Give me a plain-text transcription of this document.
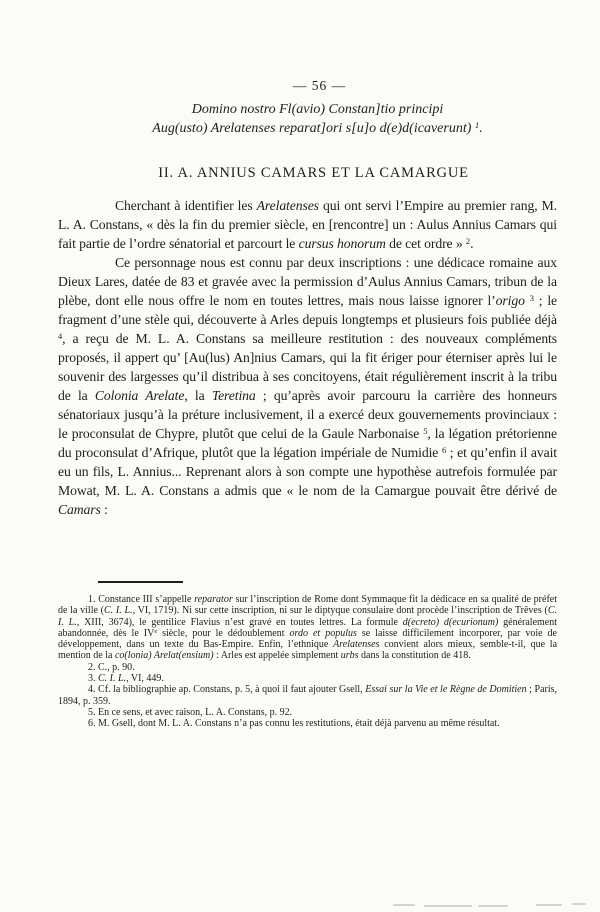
— 56 —
Domino nostro Fl(avio) Constan]tio principi
Aug(usto) Arelatenses reparat]ori s[u]o d(e)d(icaverunt) $^1$.
II. A. ANNIUS CAMARS ET LA CAMARGUE

Cherchant à identifier les Arelatenses qui ont servi l’Empire au premier rang, M. L. A. Constans, « dès la fin du premier siècle, en [rencontre] un : Aulus Annius Camars qui fait partie de l’ordre sénatorial et parcourt le cursus honorum de cet ordre » $^2$.

Ce personnage nous est connu par deux inscriptions : une dédicace romaine aux Dieux Lares, datée de 83 et gravée avec la permission d’Aulus Annius Camars, tribun de la plèbe, dont elle nous offre le nom en toutes lettres, mais nous laisse ignorer l’origo $^3$ ; le fragment d’une stèle qui, découverte à Arles depuis longtemps et plusieurs fois publiée déjà $^4$, a reçu de M. L. A. Constans sa meilleure restitution : des nouveaux compléments proposés, il appert qu’ [Au(lus) An]nius Camars, qui la fit ériger pour éterniser après lui le souvenir des largesses qu’il distribua à ses concitoyens, était régulièrement inscrit à la tribu de la Colonia Arelate, la Teretina ; qu’après avoir parcouru la carrière des honneurs sénatoriaux jusqu’à la préture inclusivement, il a exercé deux gouvernements provinciaux : le proconsulat de Chypre, plutôt que celui de la Gaule Narbonaise $^5$, la légation prétorienne du proconsulat d’Afrique, plutôt que la légation impériale de Numidie $^6$ ; et qu’enfin il avait eu un fils, L. Annius... Reprenant alors à son compte une hypothèse autrefois formulée par Mowat, M. L. A. Constans a admis que « le nom de la Camargue pouvait être dérivé de Camars :

1. Constance III s’appelle reparator sur l’inscription de Rome dont Symmaque fit la dédicace en sa qualité de préfet de la ville (C. I. L., VI, 1719). Ni sur cette inscription, ni sur le diptyque consulaire dont procède l’inscription de Trêves (C. I. L., XIII, 3674), le gentilice Flavius n’est gravé en toutes lettres. La formule d(ecreto) d(ecurionum) généralement abandonnée, dès le IVe siècle, pour le dédoublement ordo et populus se laisse difficilement incorporer, par voie de développement, dans un texte du Bas-Empire. Enfin, l’ethnique Arelatenses convient alors mieux, semble-t-il, que la mention de la co(lonia) Arelat(ensium) : Arles est appelée simplement urbs dans la constitution de 418.

2. C., p. 90.

3. C. I. L., VI, 449.

4. Cf. la bibliographie ap. Constans, p. 5, à quoi il faut ajouter Gsell, Essai sur la Vie et le Règne de Domitien ; Paris, 1894, p. 359.

5. En ce sens, et avec raison, L. A. Constans, p. 92.

6. M. Gsell, dont M. L. A. Constans n’a pas connu les restitutions, était déjà parvenu au même résultat.
